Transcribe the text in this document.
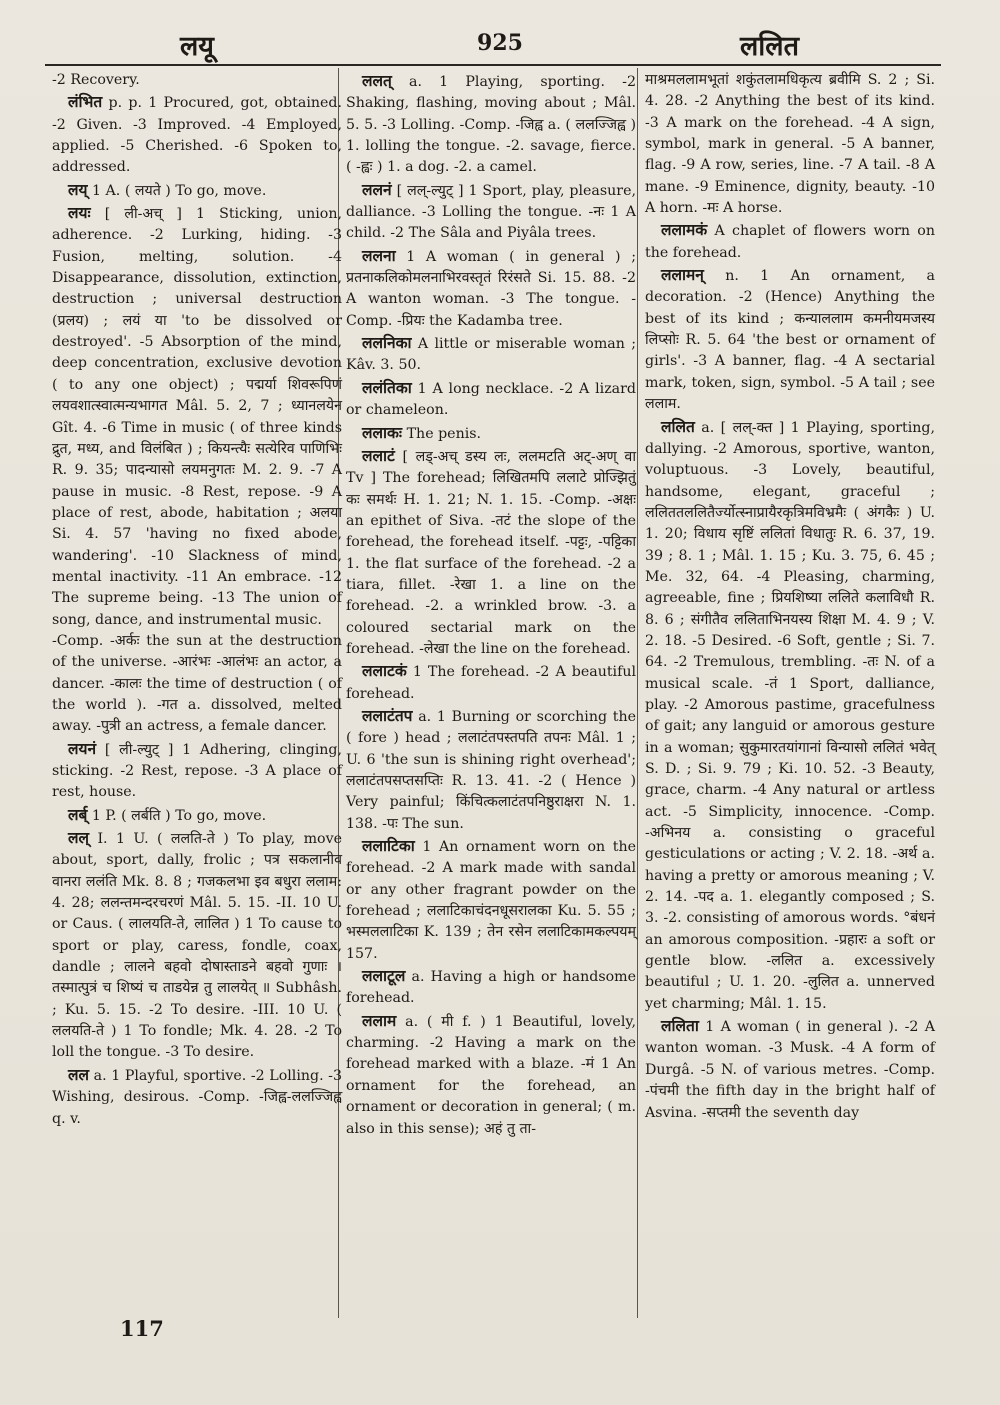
लयू	925	ललित

-2 Recovery.

लंभित p. p. 1 Procured, got, obtained. -2 Given. -3 Improved. -4 Employed, applied. -5 Cherished. -6 Spoken to, addressed.

लय् 1 A. ( लयते ) To go, move.

लयः [ ली-अच् ] 1 Sticking, union, adherence. -2 Lurking, hiding. -3 Fusion, melting, solution. -4 Disappearance, dissolution, extinction, destruction ; universal destruction (प्रलय) ; लयं या 'to be dissolved or destroyed'. -5 Absorption of the mind, deep concentration, exclusive devotion ( to any one object) ; पद्मर्या शिवरूपिणं लयवशात्स्वात्मन्यभागत Mâl. 5. 2, 7 ; ध्यानलयेन Gît. 4. -6 Time in music ( of three kinds द्रुत, मध्य, and विलंबित ) ; कियन्त्यैः सत्येरिव पाणिभिः R. 9. 35; पादन्यासो लयमनुगतः M. 2. 9. -7 A pause in music. -8 Rest, repose. -9 A place of rest, abode, habitation ; अलया Si. 4. 57 'having no fixed abode, wandering'. -10 Slackness of mind, mental inactivity. -11 An embrace. -12 The supreme being. -13 The union of song, dance, and instrumental music.

-Comp. -अर्कः the sun at the destruction of the universe. -आरंभः -आलंभः an actor, a dancer. -कालः the time of destruction ( of the world ). -गत a. dissolved, melted away. -पुत्री an actress, a female dancer.

लयनं [ ली-ल्युट् ] 1 Adhering, clinging, sticking. -2 Rest, repose. -3 A place of rest, house.

लर्ब् 1 P. ( लर्बति ) To go, move.

लल् I. 1 U. ( ललति-ते ) To play, move about, sport, dally, frolic ; पत्र सकलानीव वानरा ललंति Mk. 8. 8 ; गजकलभा इव बधुरा ललाम: 4. 28; ललन्तमन्दरचरणं Mâl. 5. 15. -II. 10 U. or Caus. ( लालयति-ते, लालित ) 1 To cause to sport or play, caress, fondle, coax, dandle ; लालने बहवो दोषास्ताडने बहवो गुणाः । तस्मात्पुत्रं च शिष्यं च ताडयेन्न तु लालयेत् ॥ Subhâsh. ; Ku. 5. 15. -2 To desire. -III. 10 U. ( ललयति-ते ) 1 To fondle; Mk. 4. 28. -2 To loll the tongue. -3 To desire.

लल a. 1 Playful, sportive. -2 Lolling. -3 Wishing, desirous. -Comp. -जिह्व-ललज्जिह्व q. v.

ललत् a. 1 Playing, sporting. -2 Shaking, flashing, moving about ; Mâl. 5. 5. -3 Lolling. -Comp. -जिह्व a. ( ललज्जिह्व ) 1. lolling the tongue. -2. savage, fierce. ( -ह्वः ) 1. a dog. -2. a camel.

ललनं [ लल्-ल्युट् ] 1 Sport, play, pleasure, dalliance. -3 Lolling the tongue. -नः 1 A child. -2 The Sâla and Piyâla trees.

ललना 1 A woman ( in general ) ; प्रतनाकलिकोमलनाभिरवस्तृतं रिरंसते Si. 15. 88. -2 A wanton woman. -3 The tongue. -Comp. -प्रियः the Kadamba tree.

ललनिका A little or miserable woman ; Kâv. 3. 50.

ललंतिका 1 A long necklace. -2 A lizard or chameleon.

ललाकः The penis.

ललाटं [ लड्-अच् डस्य लः, ललमटति अट्-अण् वा Tv ] The forehead; लिखितमपि ललाटे प्रोज्झितुं कः समर्थः H. 1. 21; N. 1. 15. -Comp. -अक्षः an epithet of Siva. -तटं the slope of the forehead, the forehead itself. -पट्टः, -पट्टिका 1. the flat surface of the forehead. -2 a tiara, fillet. -रेखा 1. a line on the forehead. -2. a wrinkled brow. -3. a coloured sectarial mark on the forehead. -लेखा the line on the forehead.

ललाटकं 1 The forehead. -2 A beautiful forehead.

ललाटंतप a. 1 Burning or scorching the ( fore ) head ; ललाटंतपस्तपति तपनः Mâl. 1 ; U. 6 'the sun is shining right overhead'; ललाटंतपसप्तसप्तिः R. 13. 41. -2 ( Hence ) Very painful; किंचित्कलाटंतपनिष्ठुराक्षरा N. 1. 138. -पः The sun.

ललाटिका 1 An ornament worn on the forehead. -2 A mark made with sandal or any other fragrant powder on the forehead ; ललाटिकाचंदनधूसरालका Ku. 5. 55 ; भस्मललाटिका K. 139 ; तेन रसेन ललाटिकामकल्पयम् 157.

ललाटूल a. Having a high or handsome forehead.

ललाम a. ( मी f. ) 1 Beautiful, lovely, charming. -2 Having a mark on the forehead marked with a blaze. -मं 1 An ornament for the forehead, an ornament or decoration in general; ( m. also in this sense); अहं तु ता-

माश्रमललामभूतां शकुंतलामधिकृत्य ब्रवीमि S. 2 ; Si. 4. 28. -2 Anything the best of its kind. -3 A mark on the forehead. -4 A sign, symbol, mark in general. -5 A banner, flag. -9 A row, series, line. -7 A tail. -8 A mane. -9 Eminence, dignity, beauty. -10 A horn. -मः A horse.

ललामकं A chaplet of flowers worn on the forehead.

ललामन् n. 1 An ornament, a decoration. -2 (Hence) Anything the best of its kind ; कन्याललाम कमनीयमजस्य लिप्सोः R. 5. 64 'the best or ornament of girls'. -3 A banner, flag. -4 A sectarial mark, token, sign, symbol. -5 A tail ; see ललाम.

ललित a. [ लल्-क्त ] 1 Playing, sporting, dallying. -2 Amorous, sportive, wanton, voluptuous. -3 Lovely, beautiful, handsome, elegant, graceful ; ललिततललितैर्ज्योत्स्नाप्रायैरकृत्रिमविभ्रमैः ( अंगकैः ) U. 1. 20; विधाय सृष्टिं ललितां विधातुः R. 6. 37, 19. 39 ; 8. 1 ; Mâl. 1. 15 ; Ku. 3. 75, 6. 45 ; Me. 32, 64. -4 Pleasing, charming, agreeable, fine ; प्रियशिष्या ललिते कलाविधौ R. 8. 6 ; संगीतैव ललिताभिनयस्य शिक्षा M. 4. 9 ; V. 2. 18. -5 Desired. -6 Soft, gentle ; Si. 7. 64. -2 Tremulous, trembling. -तः N. of a musical scale. -तं 1 Sport, dalliance, play. -2 Amorous pastime, gracefulness of gait; any languid or amorous gesture in a woman; सुकुमारतयांगानां विन्यासो ललितं भवेत् S. D. ; Si. 9. 79 ; Ki. 10. 52. -3 Beauty, grace, charm. -4 Any natural or artless act. -5 Simplicity, innocence. -Comp. -अभिनय a. consisting o graceful gesticulations or acting ; V. 2. 18. -अर्थ a. having a pretty or amorous meaning ; V. 2. 14. -पद a. 1. elegantly composed ; S. 3. -2. consisting of amorous words. °बंधनं an amorous composition. -प्रहारः a soft or gentle blow. -ललित a. excessively beautiful ; U. 1. 20. -लुलित a. unnerved yet charming; Mâl. 1. 15.

ललिता 1 A woman ( in general ). -2 A wanton woman. -3 Musk. -4 A form of Durgâ. -5 N. of various metres. -Comp. -पंचमी the fifth day in the bright half of Asvina. -सप्तमी the seventh day

117
